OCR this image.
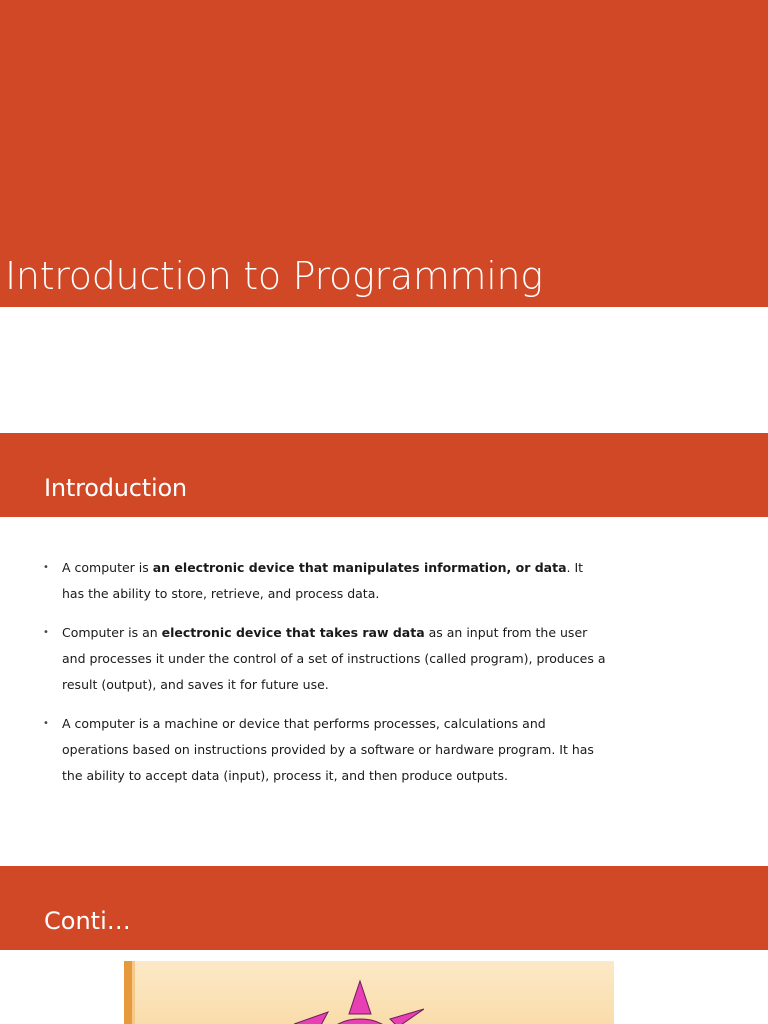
Introduction to Programming
Introduction
• A computer is an electronic device that manipulates information, or data. It has the ability to store, retrieve, and process data.
• Computer is an electronic device that takes raw data as an input from the user and processes it under the control of a set of instructions (called program), produces a result (output), and saves it for future use.
• A computer is a machine or device that performs processes, calculations and operations based on instructions provided by a software or hardware program. It has the ability to accept data (input), process it, and then produce outputs.
Conti…
